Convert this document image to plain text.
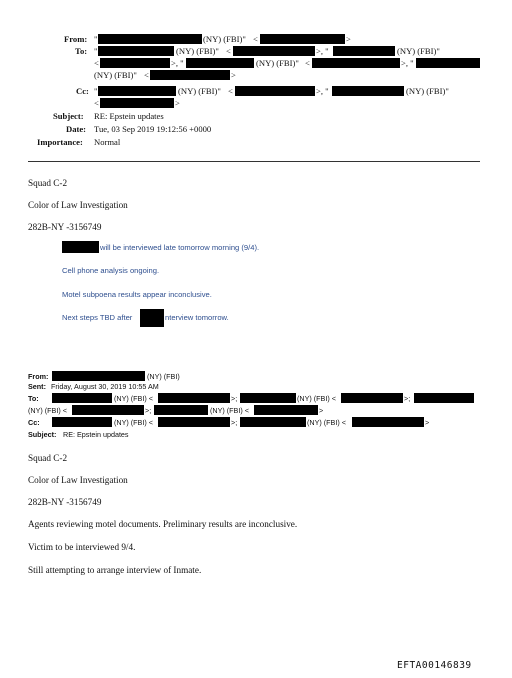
From: "	(NY) (FBI)" <	>
To: "	(NY) (FBI)" <	>, "	(NY) (FBI)"
<	>, "	(NY) (FBI)" <	>, "
(NY) (FBI)" <	>
Cc: "	(NY) (FBI)" <	>, "	(NY) (FBI)"
<	>
Subject: RE: Epstein updates
Date: Tue, 03 Sep 2019 19:12:56 +0000
Importance: Normal
Squad C-2
Color of Law Investigation
282B-NY -3156749
will be interviewed late tomorrow morning (9/4).
Cell phone analysis ongoing.
Motel subpoena results appear inconclusive.
Next steps TBD after	nterview tomorrow.
From:	(NY) (FBI)
Sent: Friday, August 30, 2019 10:55 AM
To:	(NY) (FBI) <	>;	(NY) (FBI) <	>;
(NY) (FBI) <	>;	(NY) (FBI) <	>
Cc:	(NY) (FBI) <	>;	(NY) (FBI) <	>
Subject: RE: Epstein updates
Squad C-2
Color of Law Investigation
282B-NY -3156749
Agents reviewing motel documents. Preliminary results are inconclusive.
Victim to be interviewed 9/4.
Still attempting to arrange interview of Inmate.
EFTA00146839
